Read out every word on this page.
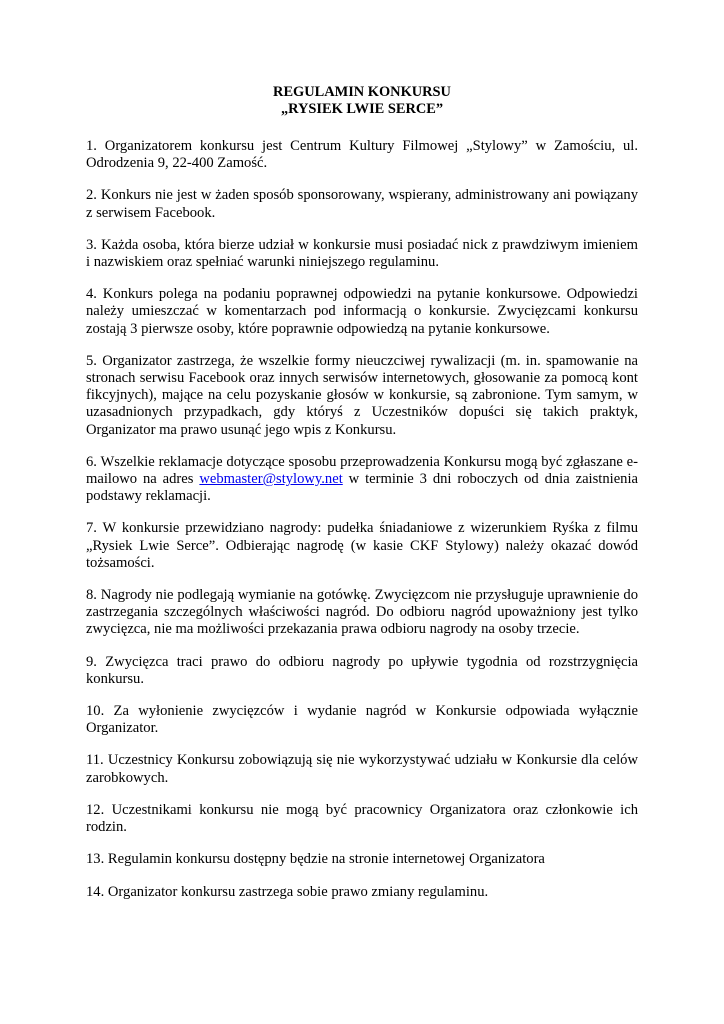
REGULAMIN KONKURSU

„RYSIEK LWIE SERCE”

1. Organizatorem konkursu jest Centrum Kultury Filmowej „Stylowy” w Zamościu, ul. Odrodzenia 9, 22-400 Zamość.

2. Konkurs nie jest w żaden sposób sponsorowany, wspierany, administrowany ani powiązany z serwisem Facebook.

3. Każda osoba, która bierze udział w konkursie musi posiadać nick z prawdziwym imieniem i nazwiskiem oraz spełniać warunki niniejszego regulaminu.

4. Konkurs polega na podaniu poprawnej odpowiedzi na pytanie konkursowe. Odpowiedzi należy umieszczać w komentarzach pod informacją o konkursie. Zwycięzcami konkursu zostają 3 pierwsze osoby, które poprawnie odpowiedzą na pytanie konkursowe.

5. Organizator zastrzega, że wszelkie formy nieuczciwej rywalizacji (m. in. spamowanie na stronach serwisu Facebook oraz innych serwisów internetowych, głosowanie za pomocą kont fikcyjnych), mające na celu pozyskanie głosów w konkursie, są zabronione. Tym samym, w uzasadnionych przypadkach, gdy któryś z Uczestników dopuści się takich praktyk, Organizator ma prawo usunąć jego wpis z Konkursu.

6. Wszelkie reklamacje dotyczące sposobu przeprowadzenia Konkursu mogą być zgłaszane e-mailowo na adres webmaster@stylowy.net w terminie 3 dni roboczych od dnia zaistnienia podstawy reklamacji.

7. W konkursie przewidziano nagrody: pudełka śniadaniowe z wizerunkiem Ryśka z filmu „Rysiek Lwie Serce”. Odbierając nagrodę (w kasie CKF Stylowy) należy okazać dowód tożsamości.

8. Nagrody nie podlegają wymianie na gotówkę. Zwycięzcom nie przysługuje uprawnienie do zastrzegania szczególnych właściwości nagród. Do odbioru nagród upoważniony jest tylko zwycięzca, nie ma możliwości przekazania prawa odbioru nagrody na osoby trzecie.

9. Zwycięzca traci prawo do odbioru nagrody po upływie tygodnia od rozstrzygnięcia konkursu.

10. Za wyłonienie zwycięzców i wydanie nagród w Konkursie odpowiada wyłącznie Organizator.

11. Uczestnicy Konkursu zobowiązują się nie wykorzystywać udziału w Konkursie dla celów zarobkowych.

12. Uczestnikami konkursu nie mogą być pracownicy Organizatora oraz członkowie ich rodzin.

13. Regulamin konkursu dostępny będzie na stronie internetowej Organizatora

14. Organizator konkursu zastrzega sobie prawo zmiany regulaminu.
